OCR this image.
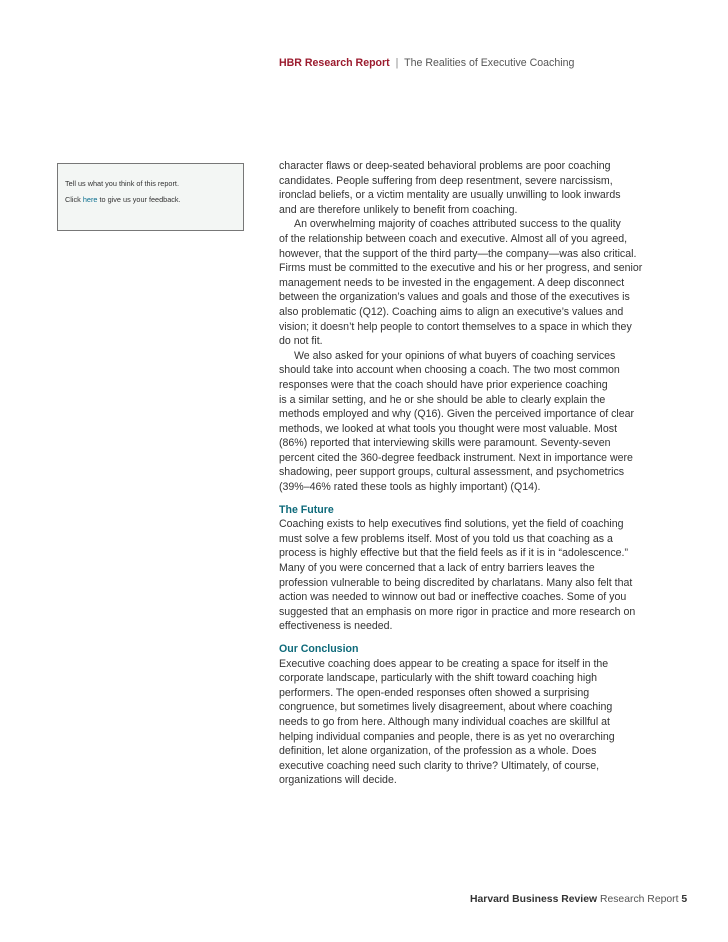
HBR Research Report | The Realities of Executive Coaching
Tell us what you think of this report.
Click here to give us your feedback.

character flaws or deep-seated behavioral problems are poor coaching
candidates. People suffering from deep resentment, severe narcissism,
ironclad beliefs, or a victim mentality are usually unwilling to look inwards
and are therefore unlikely to benefit from coaching.

An overwhelming majority of coaches attributed success to the quality
of the relationship between coach and executive. Almost all of you agreed,
however, that the support of the third party—the company—was also critical.
Firms must be committed to the executive and his or her progress, and senior
management needs to be invested in the engagement. A deep disconnect
between the organization’s values and goals and those of the executives is
also problematic (Q12). Coaching aims to align an executive’s values and
vision; it doesn’t help people to contort themselves to a space in which they
do not fit.

We also asked for your opinions of what buyers of coaching services
should take into account when choosing a coach. The two most common
responses were that the coach should have prior experience coaching
is a similar setting, and he or she should be able to clearly explain the
methods employed and why (Q16). Given the perceived importance of clear
methods, we looked at what tools you thought were most valuable. Most
(86%) reported that interviewing skills were paramount. Seventy-seven
percent cited the 360-degree feedback instrument. Next in importance were
shadowing, peer support groups, cultural assessment, and psychometrics
(39%–46% rated these tools as highly important) (Q14).

The Future

Coaching exists to help executives find solutions, yet the field of coaching
must solve a few problems itself. Most of you told us that coaching as a
process is highly effective but that the field feels as if it is in “adolescence.”
Many of you were concerned that a lack of entry barriers leaves the
profession vulnerable to being discredited by charlatans. Many also felt that
action was needed to winnow out bad or ineffective coaches. Some of you
suggested that an emphasis on more rigor in practice and more research on
effectiveness is needed.

Our Conclusion

Executive coaching does appear to be creating a space for itself in the
corporate landscape, particularly with the shift toward coaching high
performers. The open-ended responses often showed a surprising
congruence, but sometimes lively disagreement, about where coaching
needs to go from here. Although many individual coaches are skillful at
helping individual companies and people, there is as yet no overarching
definition, let alone organization, of the profession as a whole. Does
executive coaching need such clarity to thrive? Ultimately, of course,
organizations will decide.

Harvard Business Review Research Report 5
